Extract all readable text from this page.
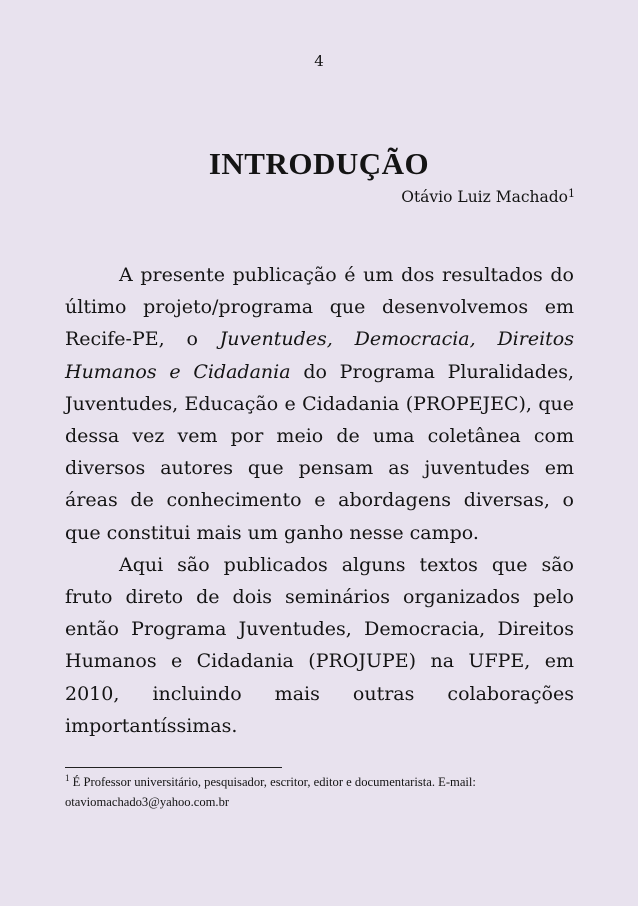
4
INTRODUÇÃO
Otávio Luiz Machado$^1$

A presente publicação é um dos resultados do último projeto/programa que desenvolvemos em Recife-PE, o Juventudes, Democracia, Direitos Humanos e Cidadania do Programa Pluralidades, Juventudes, Educação e Cidadania (PROPEJEC), que dessa vez vem por meio de uma coletânea com diversos autores que pensam as juventudes em áreas de conhecimento e abordagens diversas, o que constitui mais um ganho nesse campo.

Aqui são publicados alguns textos que são fruto direto de dois seminários organizados pelo então Programa Juventudes, Democracia, Direitos Humanos e Cidadania (PROJUPE) na UFPE, em 2010, incluindo mais outras colaborações importantíssimas.

$^1$ É Professor universitário, pesquisador, escritor, editor e documentarista. E-mail: otaviomachado3@yahoo.com.br
